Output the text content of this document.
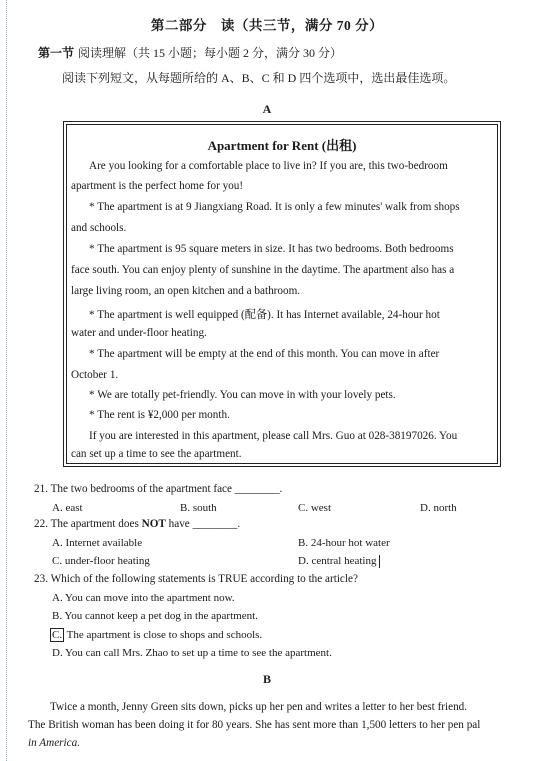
第二部分　读（共三节，满分 70 分）
第一节 阅读理解（共 15 小题；每小题 2 分，满分 30 分）
阅读下列短文，从每题所给的 A、B、C 和 D 四个选项中，选出最佳选项。
A
Apartment for Rent (出租)
Are you looking for a comfortable place to live in? If you are, this two-bedroom
apartment is the perfect home for you!
* The apartment is at 9 Jiangxiang Road. It is only a few minutes' walk from shops
and schools.
* The apartment is 95 square meters in size. It has two bedrooms. Both bedrooms
face south. You can enjoy plenty of sunshine in the daytime. The apartment also has a
large living room, an open kitchen and a bathroom.
* The apartment is well equipped (配备). It has Internet available, 24-hour hot
water and under-floor heating.
* The apartment will be empty at the end of this month. You can move in after
October 1.
* We are totally pet-friendly. You can move in with your lovely pets.
* The rent is ¥2,000 per month.
If you are interested in this apartment, please call Mrs. Guo at 028-38197026. You
can set up a time to see the apartment.
21. The two bedrooms of the apartment face ________.
A. east	B. south	C. west	D. north
22. The apartment does NOT have ________.
A. Internet available	B. 24-hour hot water
C. under-floor heating	D. central heating
23. Which of the following statements is TRUE according to the article?
A. You can move into the apartment now.
B. You cannot keep a pet dog in the apartment.
C. The apartment is close to shops and schools.
D. You can call Mrs. Zhao to set up a time to see the apartment.
B
Twice a month, Jenny Green sits down, picks up her pen and writes a letter to her best friend.
The British woman has been doing it for 80 years. She has sent more than 1,500 letters to her pen pal
in America.
